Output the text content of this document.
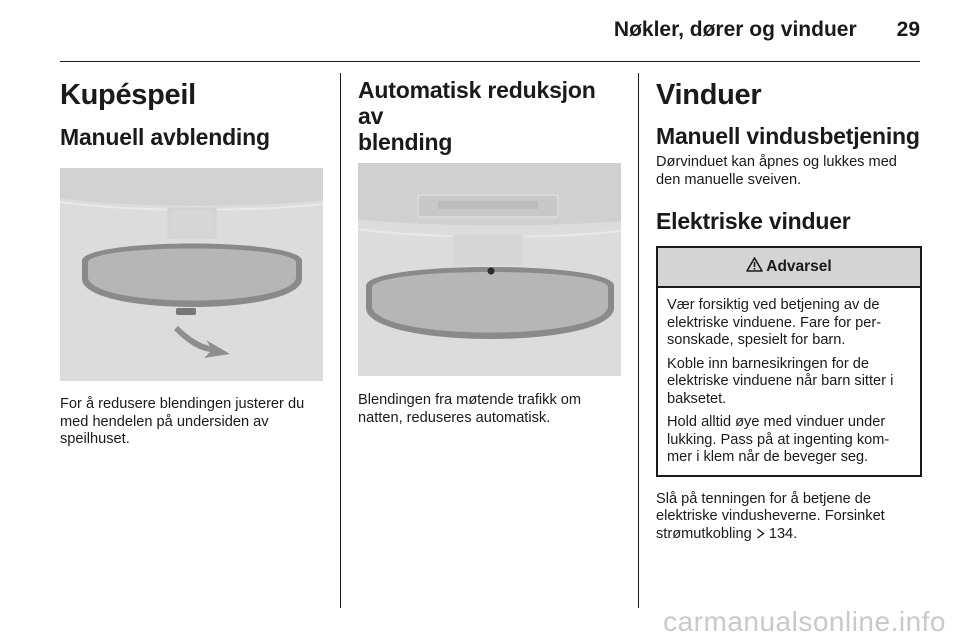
Nøkler, dører og vinduer 29
Kupéspeil
Manuell avblending

For å redusere blendingen justerer du med hendelen på undersiden av speilhuset.

Automatisk reduksjon av
blending

Blendingen fra møtende trafikk om natten, reduseres automatisk.

Vinduer
Manuell vindusbetjening

Dørvinduet kan åpnes og lukkes med den manuelle sveiven.

Elektriske vinduer
Advarsel

Vær forsiktig ved betjening av de elektriske vinduene. Fare for per- sonskade, spesielt for barn.

Koble inn barnesikringen for de elektriske vinduene når barn sitter i baksetet.

Hold alltid øye med vinduer under lukking. Pass på at ingenting kom- mer i klem når de beveger seg.

Slå på tenningen for å betjene de elektriske vindusheverne. Forsinket strømutkobling 134.

carmanualsonline.info
